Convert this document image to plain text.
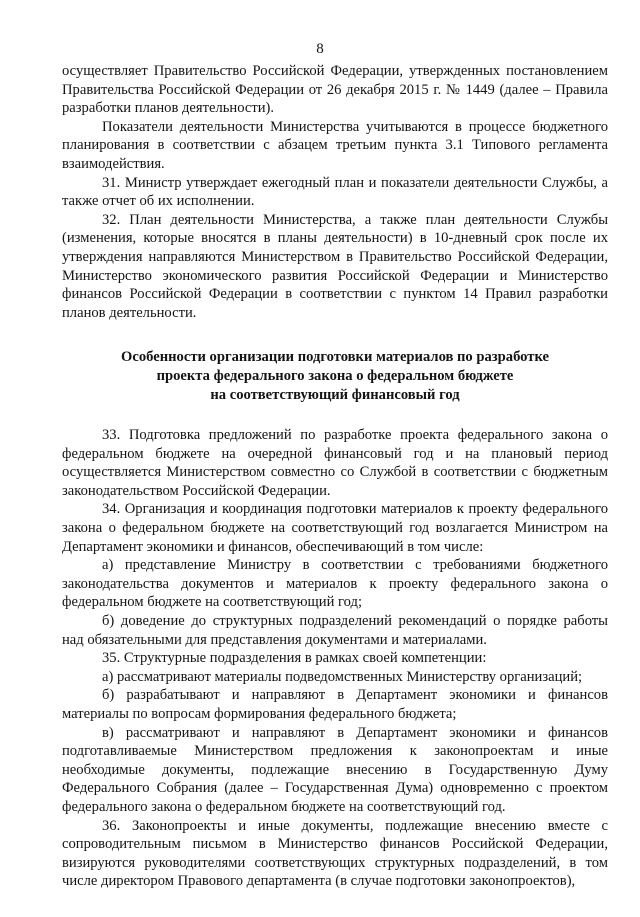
8

осуществляет Правительство Российской Федерации, утвержденных постановлением Правительства Российской Федерации от 26 декабря 2015 г. № 1449 (далее – Правила разработки планов деятельности).

Показатели деятельности Министерства учитываются в процессе бюджетного планирования в соответствии с абзацем третьим пункта 3.1 Типового регламента взаимодействия.

31. Министр утверждает ежегодный план и показатели деятельности Службы, а также отчет об их исполнении.

32. План деятельности Министерства, а также план деятельности Службы (изменения, которые вносятся в планы деятельности) в 10-дневный срок после их утверждения направляются Министерством в Правительство Российской Федерации, Министерство экономического развития Российской Федерации и Министерство финансов Российской Федерации в соответствии с пунктом 14 Правил разработки планов деятельности.

Особенности организации подготовки материалов по разработке
проекта федерального закона о федеральном бюджете
на соответствующий финансовый год

33. Подготовка предложений по разработке проекта федерального закона о федеральном бюджете на очередной финансовый год и на плановый период осуществляется Министерством совместно со Службой в соответствии с бюджетным законодательством Российской Федерации.

34. Организация и координация подготовки материалов к проекту федерального закона о федеральном бюджете на соответствующий год возлагается Министром на Департамент экономики и финансов, обеспечивающий в том числе:

а) представление Министру в соответствии с требованиями бюджетного законодательства документов и материалов к проекту федерального закона о федеральном бюджете на соответствующий год;

б) доведение до структурных подразделений рекомендаций о порядке работы над обязательными для представления документами и материалами.

35. Структурные подразделения в рамках своей компетенции:

а) рассматривают материалы подведомственных Министерству организаций;

б) разрабатывают и направляют в Департамент экономики и финансов материалы по вопросам формирования федерального бюджета;

в) рассматривают и направляют в Департамент экономики и финансов подготавливаемые Министерством предложения к законопроектам и иные необходимые документы, подлежащие внесению в Государственную Думу Федерального Собрания (далее – Государственная Дума) одновременно с проектом федерального закона о федеральном бюджете на соответствующий год.

36. Законопроекты и иные документы, подлежащие внесению вместе с сопроводительным письмом в Министерство финансов Российской Федерации, визируются руководителями соответствующих структурных подразделений, в том числе директором Правового департамента (в случае подготовки законопроектов),
